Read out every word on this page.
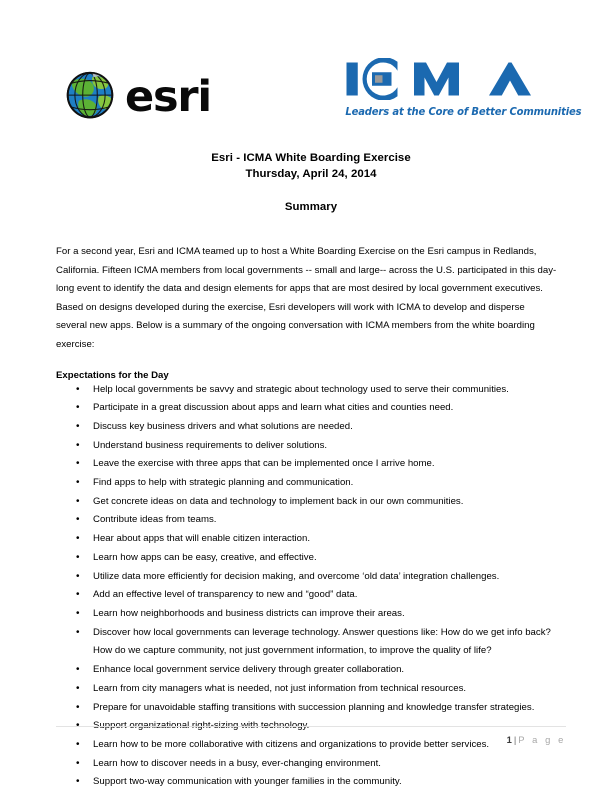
esri	Leaders at the Core of Better Communities
Esri - ICMA White Boarding Exercise
Thursday, April 24, 2014
Summary

For a second year, Esri and ICMA teamed up to host a White Boarding Exercise on the Esri campus in Redlands, California. Fifteen ICMA members from local governments -- small and large-- across the U.S. participated in this day-long event to identify the data and design elements for apps that are most desired by local government executives. Based on designs developed during the exercise, Esri developers will work with ICMA to develop and disperse several new apps. Below is a summary of the ongoing conversation with ICMA members from the white boarding exercise:

Expectations for the Day
• Help local governments be savvy and strategic about technology used to serve their communities.
• Participate in a great discussion about apps and learn what cities and counties need.
• Discuss key business drivers and what solutions are needed.
• Understand business requirements to deliver solutions.
• Leave the exercise with three apps that can be implemented once I arrive home.
• Find apps to help with strategic planning and communication.
• Get concrete ideas on data and technology to implement back in our own communities.
• Contribute ideas from teams.
• Hear about apps that will enable citizen interaction.
• Learn how apps can be easy, creative, and effective.
• Utilize data more efficiently for decision making, and overcome ‘old data’ integration challenges.
• Add an effective level of transparency to new and “good” data.
• Learn how neighborhoods and business districts can improve their areas.
• Discover how local governments can leverage technology. Answer questions like: How do we get info back? How do we capture community, not just government information, to improve the quality of life?
• Enhance local government service delivery through greater collaboration.
• Learn from city managers what is needed, not just information from technical resources.
• Prepare for unavoidable staffing transitions with succession planning and knowledge transfer strategies.
• Support organizational right-sizing with technology.
• Learn how to be more collaborative with citizens and organizations to provide better services.
• Learn how to discover needs in a busy, ever-changing environment.
• Support two-way communication with younger families in the community.
1 | P a g e
